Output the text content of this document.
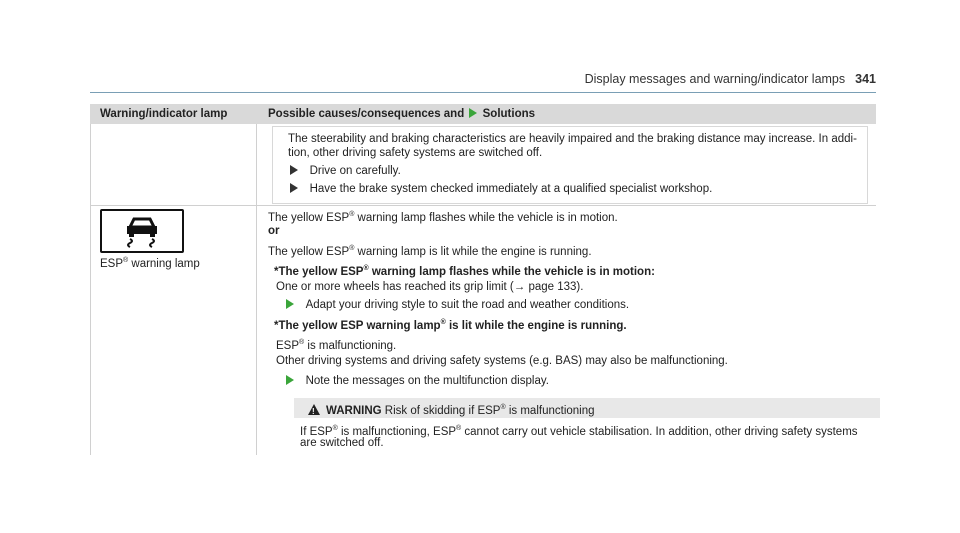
Display messages and warning/indicator lamps 341
Warning/indicator lamp	Possible causes/consequences and Solutions
The steerability and braking characteristics are heavily impaired and the braking distance may increase. In addi-
tion, other driving safety systems are switched off.
Drive on carefully.
Have the brake system checked immediately at a qualified specialist workshop.
ESP® warning lamp
The yellow ESP® warning lamp flashes while the vehicle is in motion.
or
The yellow ESP® warning lamp is lit while the engine is running.
*The yellow ESP® warning lamp flashes while the vehicle is in motion:
One or more wheels has reached its grip limit (→ page 133).
Adapt your driving style to suit the road and weather conditions.
*The yellow ESP warning lamp® is lit while the engine is running.
ESP® is malfunctioning.
Other driving systems and driving safety systems (e.g. BAS) may also be malfunctioning.
Note the messages on the multifunction display.
!WARNING Risk of skidding if ESP® is malfunctioning
If ESP® is malfunctioning, ESP® cannot carry out vehicle stabilisation. In addition, other driving safety systems
are switched off.
